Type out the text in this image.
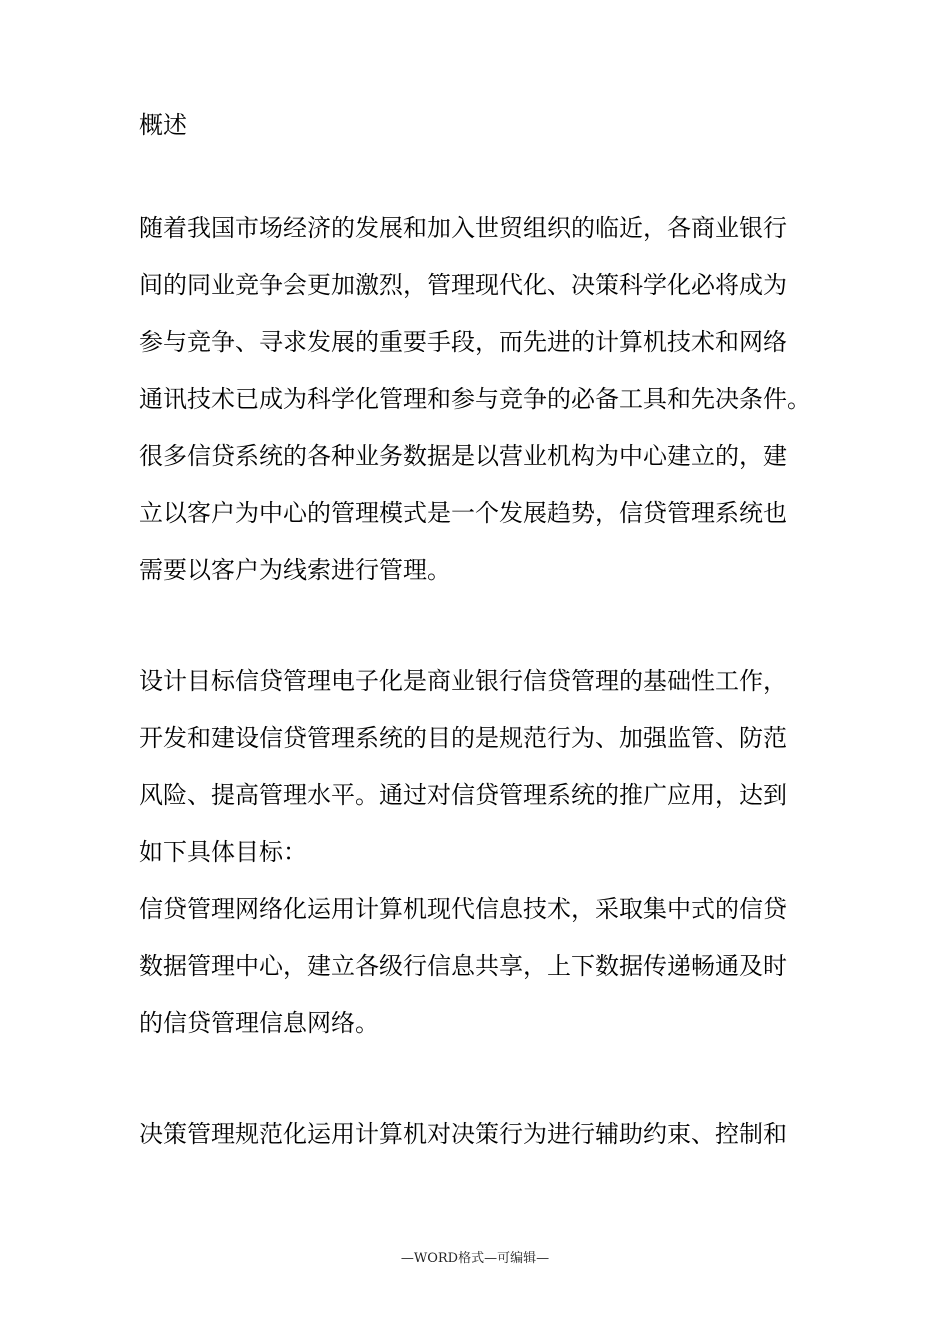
概述

随着我国市场经济的发展和加入世贸组织的临近，各商业银行

间的同业竞争会更加激烈，管理现代化、决策科学化必将成为

参与竞争、寻求发展的重要手段，而先进的计算机技术和网络

通讯技术已成为科学化管理和参与竞争的必备工具和先决条件。

很多信贷系统的各种业务数据是以营业机构为中心建立的，建

立以客户为中心的管理模式是一个发展趋势，信贷管理系统也

需要以客户为线索进行管理。

设计目标信贷管理电子化是商业银行信贷管理的基础性工作，

开发和建设信贷管理系统的目的是规范行为、加强监管、防范

风险、提高管理水平。通过对信贷管理系统的推广应用，达到

如下具体目标：

信贷管理网络化运用计算机现代信息技术，采取集中式的信贷

数据管理中心，建立各级行信息共享，上下数据传递畅通及时

的信贷管理信息网络。

决策管理规范化运用计算机对决策行为进行辅助约束、控制和

—WORD格式—可编辑—
